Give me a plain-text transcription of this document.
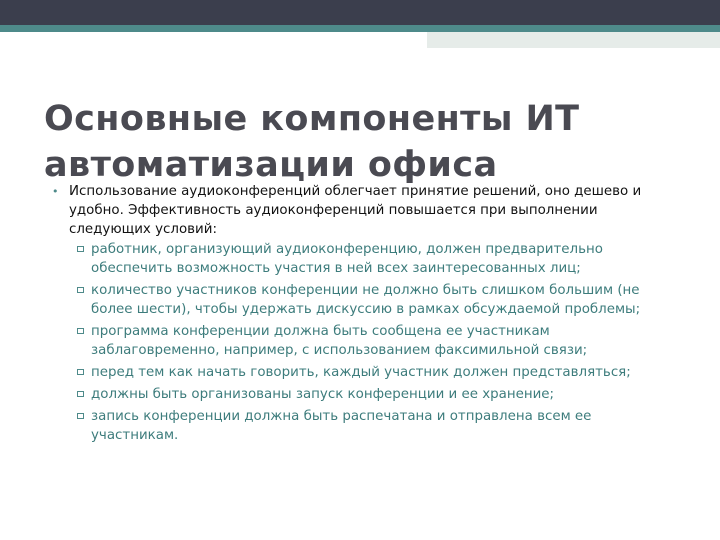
Основные компоненты ИТ
автоматизации офиса
• Использование аудиоконференций облегчает принятие решений, оно дешево и удобно. Эффективность аудиоконференций повышается при выполнении следующих условий:
работник, организующий аудиоконференцию, должен предварительно обеспечить возможность участия в ней всех заинтересованных лиц;
количество участников конференции не должно быть слишком большим (не более шести), чтобы удержать дискуссию в рамках обсуждаемой проблемы;
программа конференции должна быть сообщена ее участникам заблаговременно, например, с использованием факсимильной связи;
перед тем как начать говорить, каждый участник должен представляться;
должны быть организованы запуск конференции и ее хранение;
запись конференции должна быть распечатана и отправлена всем ее участникам.
